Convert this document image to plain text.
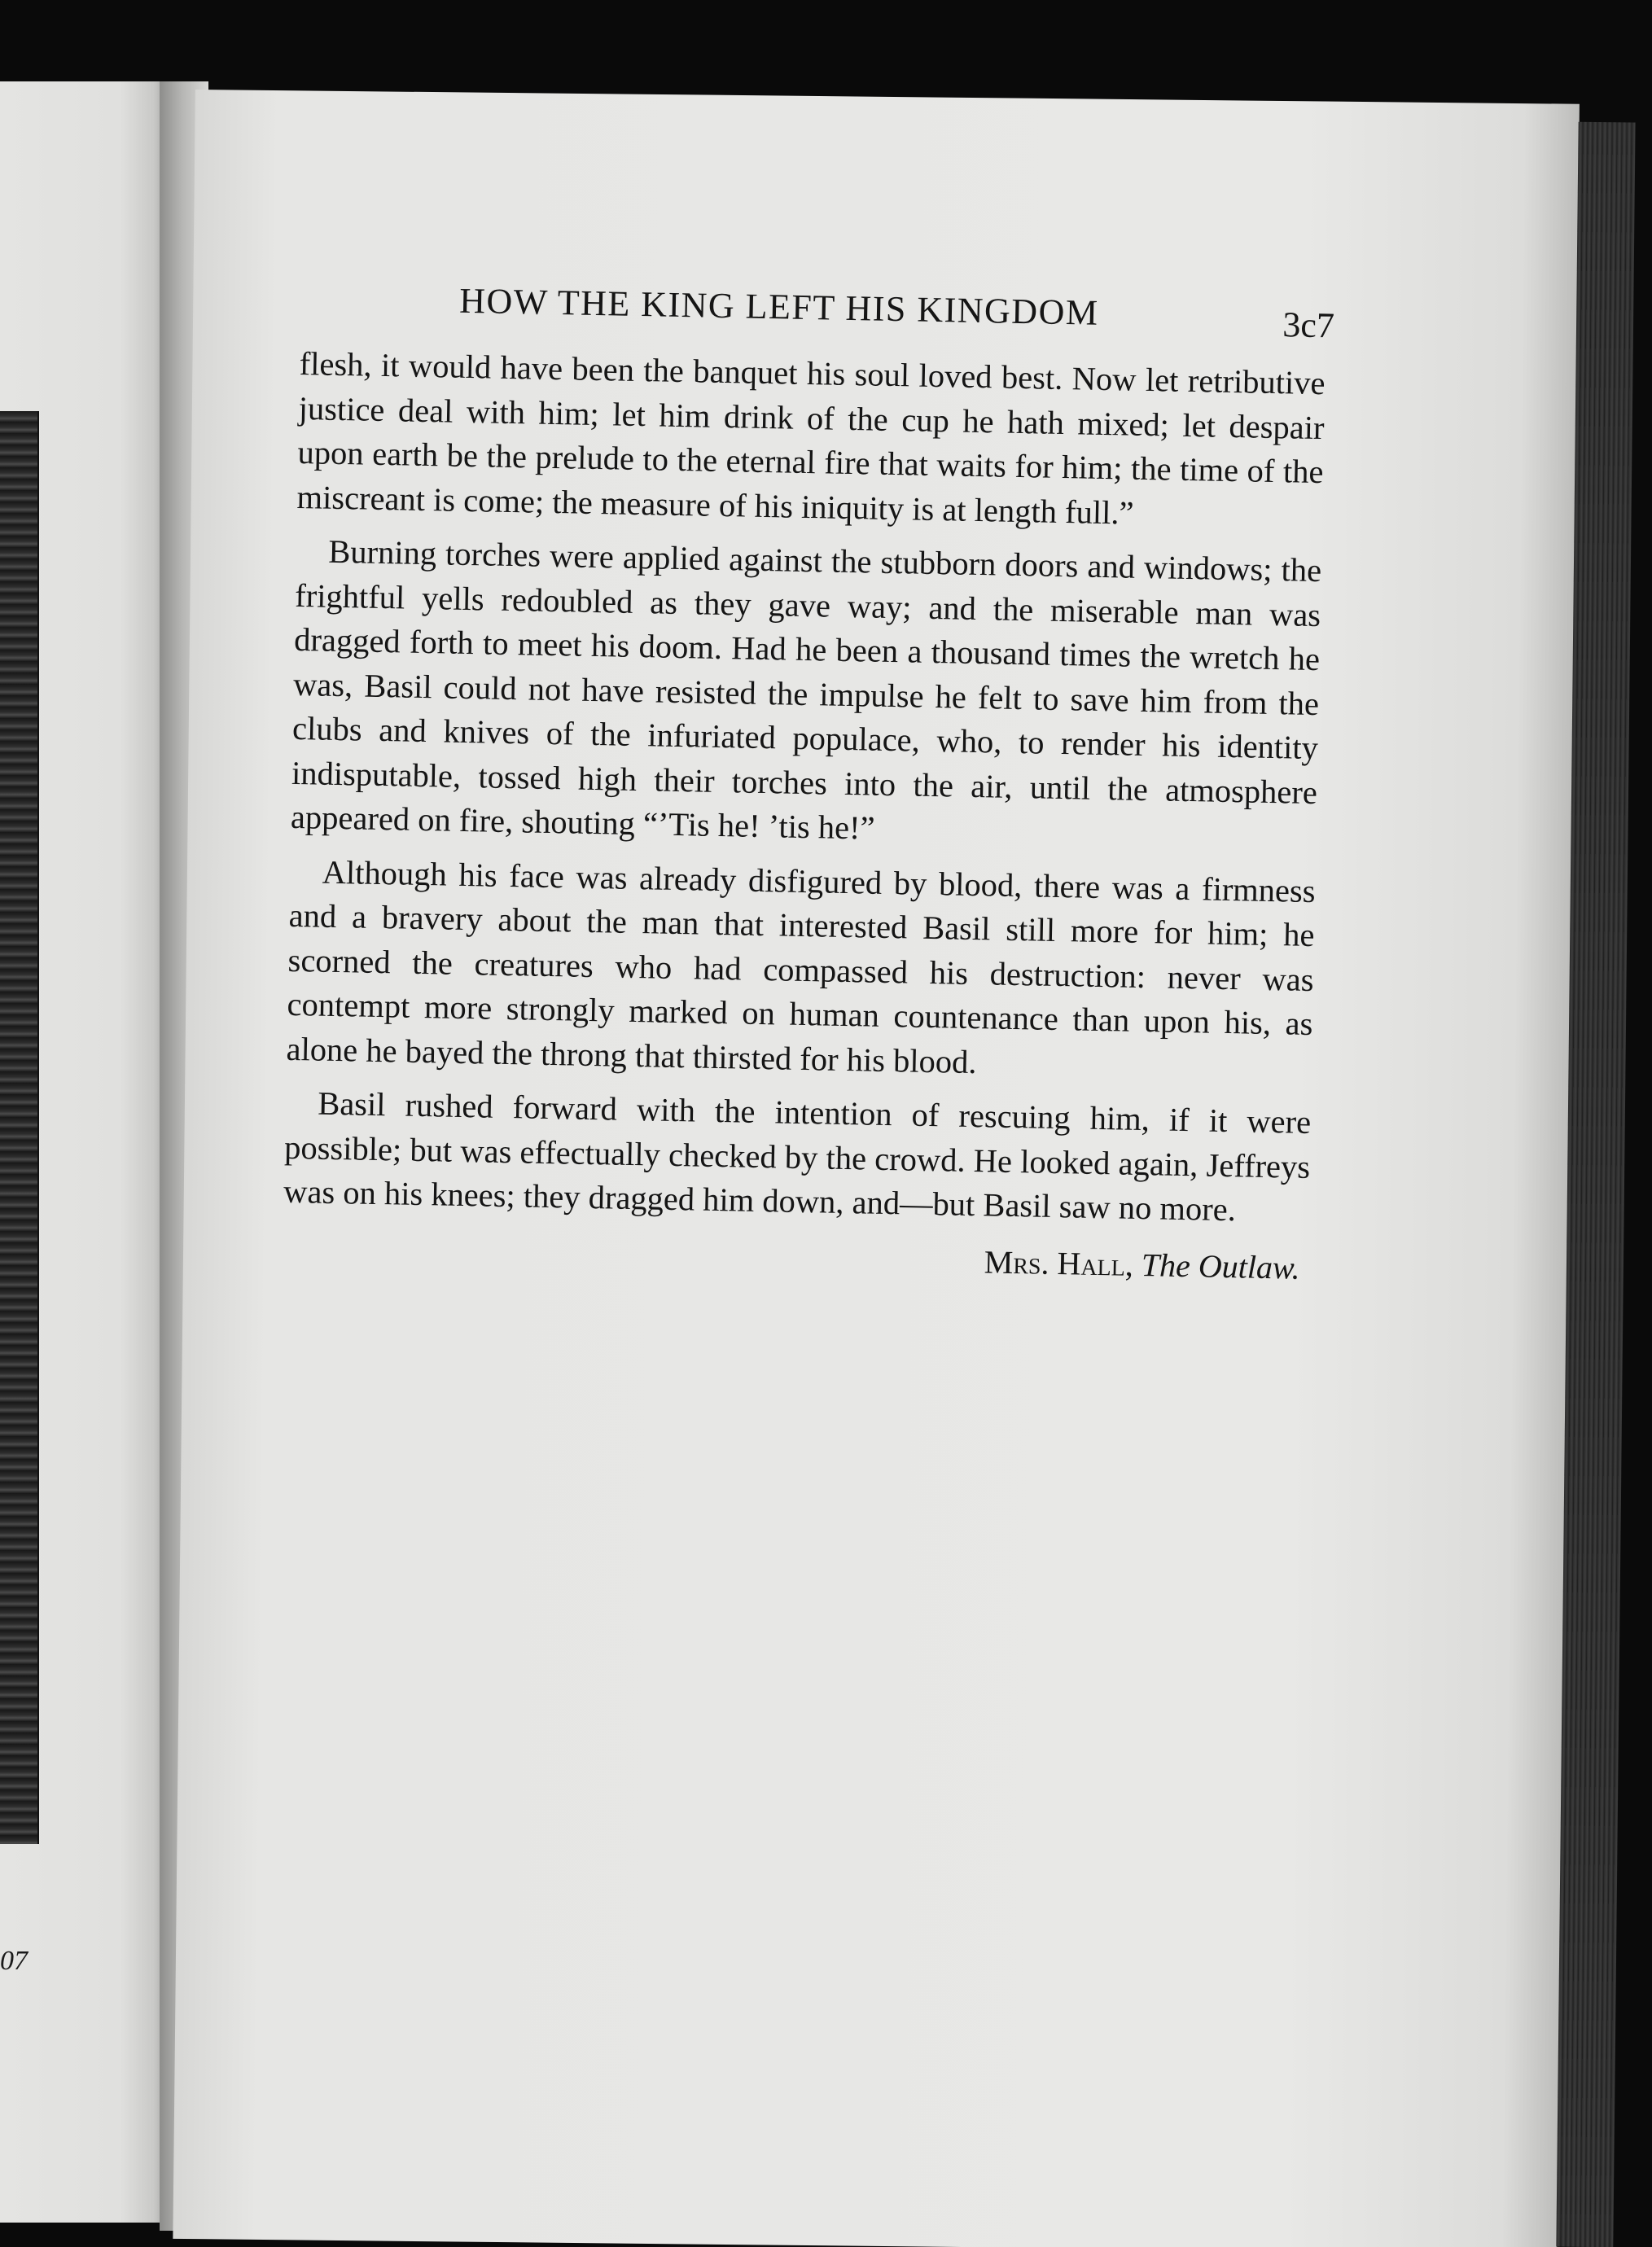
07
HOW THE KING LEFT HIS KINGDOM	3c7

flesh, it would have been the banquet his soul loved best. Now let retributive justice deal with him; let him drink of the cup he hath mixed; let despair upon earth be the prelude to the eternal fire that waits for him; the time of the miscreant is come; the measure of his iniquity is at length full.”

Burning torches were applied against the stubborn doors and windows; the frightful yells redoubled as they gave way; and the miserable man was dragged forth to meet his doom. Had he been a thousand times the wretch he was, Basil could not have resisted the impulse he felt to save him from the clubs and knives of the infuriated populace, who, to render his identity indisputable, tossed high their torches into the air, until the atmosphere appeared on fire, shouting “’Tis he! ’tis he!”

Although his face was already disfigured by blood, there was a firmness and a bravery about the man that interested Basil still more for him; he scorned the creatures who had compassed his destruction: never was contempt more strongly marked on human countenance than upon his, as alone he bayed the throng that thirsted for his blood.

Basil rushed forward with the intention of rescuing him, if it were possible; but was effectually checked by the crowd. He looked again, Jeffreys was on his knees; they dragged him down, and—but Basil saw no more.

Mrs. Hall, The Outlaw.
